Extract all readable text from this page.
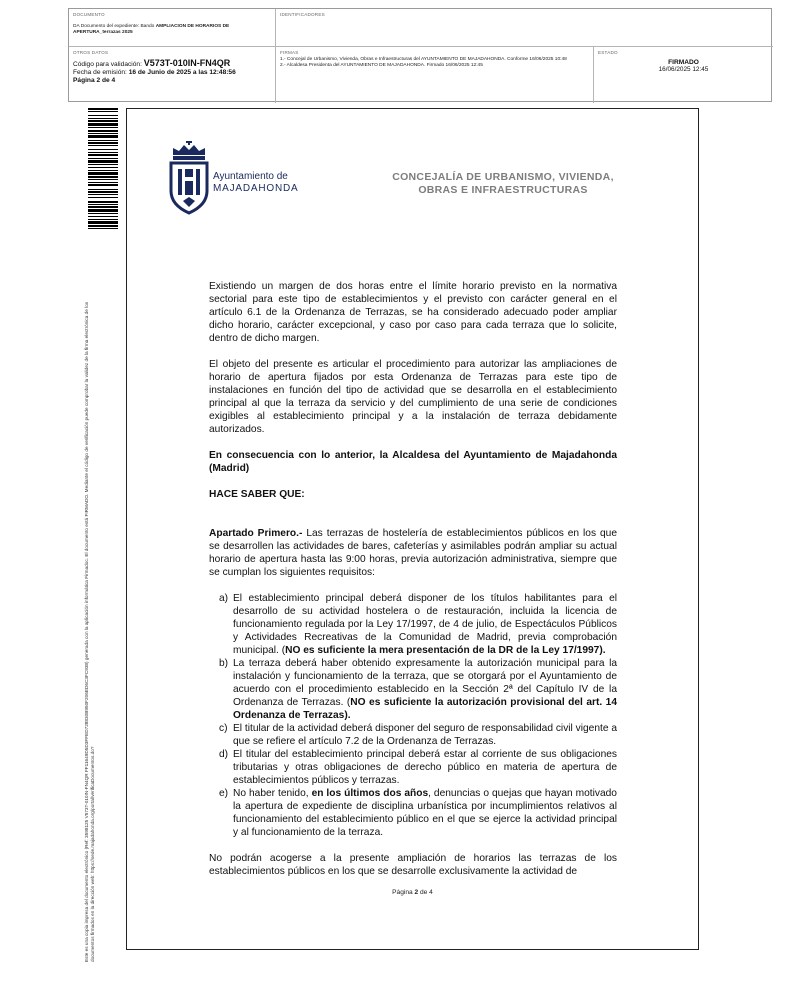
DOCUMENTO
DA Documento del expediente: Bando AMPLIACION DE HORARIOS DE APERTURA_terrazas 2025
IDENTIFICADORES
OTROS DATOS
Código para validación: V573T-010IN-FN4QR
Fecha de emisión: 16 de Junio de 2025 a las 12:48:56
Página 2 de 4
FIRMAS
1.- Concejal de Urbanismo, Vivienda, Obras e Infraestructuras del AYUNTAMIENTO DE MAJADAHONDA. Conforme 16/06/2025 10:48
2.- Alcaldesa Presidenta del AYUNTAMIENTO DE MAJADAHONDA. Firmado 16/06/2025 12:45
ESTADO
FIRMADO
16/06/2025 12:45
Este es una copia impresa del documento electrónico (Ref: 3598125 V573T-010IN-FN4QR FF11649D5D3FFED728830B950F206ED6C3FC938) generada con la aplicación informática Firmadoc. El documento está FIRMADO. Mediante el código de verificación puede comprobar la validez de la firma electrónica de los documentos firmados en la dirección web: https://sede.majadahonda.org/portal/verificaDocumentos.do?
Ayuntamiento de
MAJADAHONDA
CONCEJALÍA DE URBANISMO, VIVIENDA,
OBRAS E INFRAESTRUCTURAS

Existiendo un margen de dos horas entre el límite horario previsto en la normativa sectorial para este tipo de establecimientos y el previsto con carácter general en el artículo 6.1 de la Ordenanza de Terrazas, se ha considerado adecuado poder ampliar dicho horario, carácter excepcional, y caso por caso para cada terraza que lo solicite, dentro de dicho margen.

El objeto del presente es articular el procedimiento para autorizar las ampliaciones de horario de apertura fijados por esta Ordenanza de Terrazas para este tipo de instalaciones en función del tipo de actividad que se desarrolla en el establecimiento principal al que la terraza da servicio y del cumplimiento de una serie de condiciones exigibles al establecimiento principal y a la instalación de terraza debidamente autorizados.

En consecuencia con lo anterior, la Alcaldesa del Ayuntamiento de Majadahonda (Madrid)

HACE SABER QUE:

Apartado Primero.- Las terrazas de hostelería de establecimientos públicos en los que se desarrollen las actividades de bares, cafeterías y asimilables podrán ampliar su actual horario de apertura hasta las 9:00 horas, previa autorización administrativa, siempre que se cumplan los siguientes requisitos:

a) El establecimiento principal deberá disponer de los títulos habilitantes para el desarrollo de su actividad hostelera o de restauración, incluida la licencia de funcionamiento regulada por la Ley 17/1997, de 4 de julio, de Espectáculos Públicos y Actividades Recreativas de la Comunidad de Madrid, previa comprobación municipal. (NO es suficiente la mera presentación de la DR de la Ley 17/1997).
b) La terraza deberá haber obtenido expresamente la autorización municipal para la instalación y funcionamiento de la terraza, que se otorgará por el Ayuntamiento de acuerdo con el procedimiento establecido en la Sección 2ª del Capítulo IV de la Ordenanza de Terrazas. (NO es suficiente la autorización provisional del art. 14 Ordenanza de Terrazas).
c) El titular de la actividad deberá disponer del seguro de responsabilidad civil vigente a que se refiere el artículo 7.2 de la Ordenanza de Terrazas.
d) El titular del establecimiento principal deberá estar al corriente de sus obligaciones tributarias y otras obligaciones de derecho público en materia de apertura de establecimientos públicos y terrazas.
e) No haber tenido, en los últimos dos años, denuncias o quejas que hayan motivado la apertura de expediente de disciplina urbanística por incumplimientos relativos al funcionamiento del establecimiento público en el que se ejerce la actividad principal y al funcionamiento de la terraza.

No podrán acogerse a la presente ampliación de horarios las terrazas de los establecimientos públicos en los que se desarrolle exclusivamente la actividad de

Página 2 de 4
